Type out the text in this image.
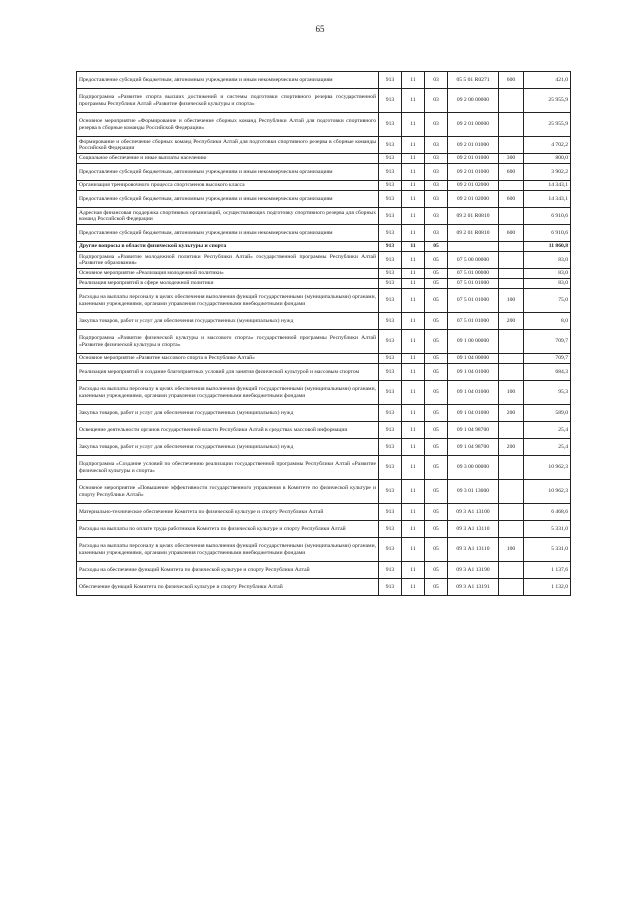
65
Предоставление субсидий бюджетным, автономным учреждениям и иным некоммерческим организациям	913	11	03	05 5 01 R0271	600	421,0
Подпрограмма «Развитие спорта высших достижений и системы подготовки спортивного резерва государственной программы Республики Алтай «Развитие физической культуры и спорта»	913	11	03	09 2 00 00000		25 955,9
Основное мероприятие «Формирование и обеспечение сборных команд Республики Алтай для подготовки спортивного резерва в сборные команды Российской Федерации»	913	11	03	09 2 01 00000		25 955,9
Формирование и обеспечение сборных команд Республики Алтай для подготовки спортивного резерва в сборные команды Российской Федерации	913	11	03	09 2 01 01000		4 702,2
Социальное обеспечение и иные выплаты населению	913	11	03	09 2 01 01000	300	800,0
Предоставление субсидий бюджетным, автономным учреждениям и иным некоммерческим организациям	913	11	03	09 2 01 01000	600	3 902,2
Организация тренировочного процесса спортсменов высокого класса	913	11	03	09 2 01 02000		14 343,1
Предоставление субсидий бюджетным, автономным учреждениям и иным некоммерческим организациям	913	11	03	09 2 01 02000	600	14 343,1
Адресная финансовая поддержка спортивных организаций, осуществляющих подготовку спортивного резерва для сборных команд Российской Федерации	913	11	03	09 2 01 R0810		6 910,6
Предоставление субсидий бюджетным, автономным учреждениям и иным некоммерческим организациям	913	11	03	09 2 01 R0810	600	6 910,6
Другие вопросы в области физической культуры и спорта	913	11	05			11 860,8
Подпрограмма «Развитие молодежной политики Республики Алтай» государственной программы Республики Алтай «Развитие образования»	913	11	05	07 5 00 00000		83,0
Основное мероприятие «Реализация молодежной политики»	913	11	05	07 5 01 00000		83,0
Реализация мероприятий в сфере молодежной политики	913	11	05	07 5 01 01000		83,0
Расходы на выплаты персоналу в целях обеспечения выполнения функций государственными (муниципальными) органами, казенными учреждениями, органами управления государственными внебюджетными фондами	913	11	05	07 5 01 01000	100	75,0
Закупка товаров, работ и услуг для обеспечения государственных (муниципальных) нужд	913	11	05	07 5 01 01000	200	8,0
Подпрограмма «Развитие физической культуры и массового спорта» государственной программы Республики Алтай «Развитие физической культуры и спорта»	913	11	05	09 1 00 00000		709,7
Основное мероприятие «Развитие массового спорта в Республике Алтай»	913	11	05	09 1 04 00000		709,7
Реализация мероприятий и создание благоприятных условий для занятия физической культурой и массовым спортом	913	11	05	09 1 04 01000		684,3
Расходы на выплаты персоналу в целях обеспечения выполнения функций государственными (муниципальными) органами, казенными учреждениями, органами управления государственными внебюджетными фондами	913	11	05	09 1 04 01000	100	95,3
Закупка товаров, работ и услуг для обеспечения государственных (муниципальных) нужд	913	11	05	09 1 04 01000	200	589,0
Освещение деятельности органов государственной власти Республики Алтай в средствах массовой информации	913	11	05	09 1 04 98700		25,4
Закупка товаров, работ и услуг для обеспечения государственных (муниципальных) нужд	913	11	05	09 1 04 98700	200	25,4
Подпрограмма «Создание условий по обеспечению реализации государственной программы Республики Алтай «Развитие физической культуры и спорта»	913	11	05	09 3 00 00000		10 962,3
Основное мероприятие «Повышение эффективности государственного управления в Комитете по физической культуре и спорту Республики Алтай»	913	11	05	09 3 01 13000		10 962,3
Материально-техническое обеспечение Комитета по физической культуре и спорту Республики Алтай	913	11	05	09 3 А1 13100		6 468,6
Расходы на выплаты по оплате труда работников Комитета по физической культуре и спорту Республики Алтай	913	11	05	09 3 А1 13110		5 331,0
Расходы на выплаты персоналу в целях обеспечения выполнения функций государственными (муниципальными) органами, казенными учреждениями, органами управления государственными внебюджетными фондами	913	11	05	09 3 А1 13110	100	5 331,0
Расходы на обеспечение функций Комитета по физической культуре и спорту Республики Алтай	913	11	05	09 3 А1 13190		1 137,6
Обеспечение функций Комитета по физической культуре и спорту Республики Алтай	913	11	05	09 3 А1 13191		1 132,0
